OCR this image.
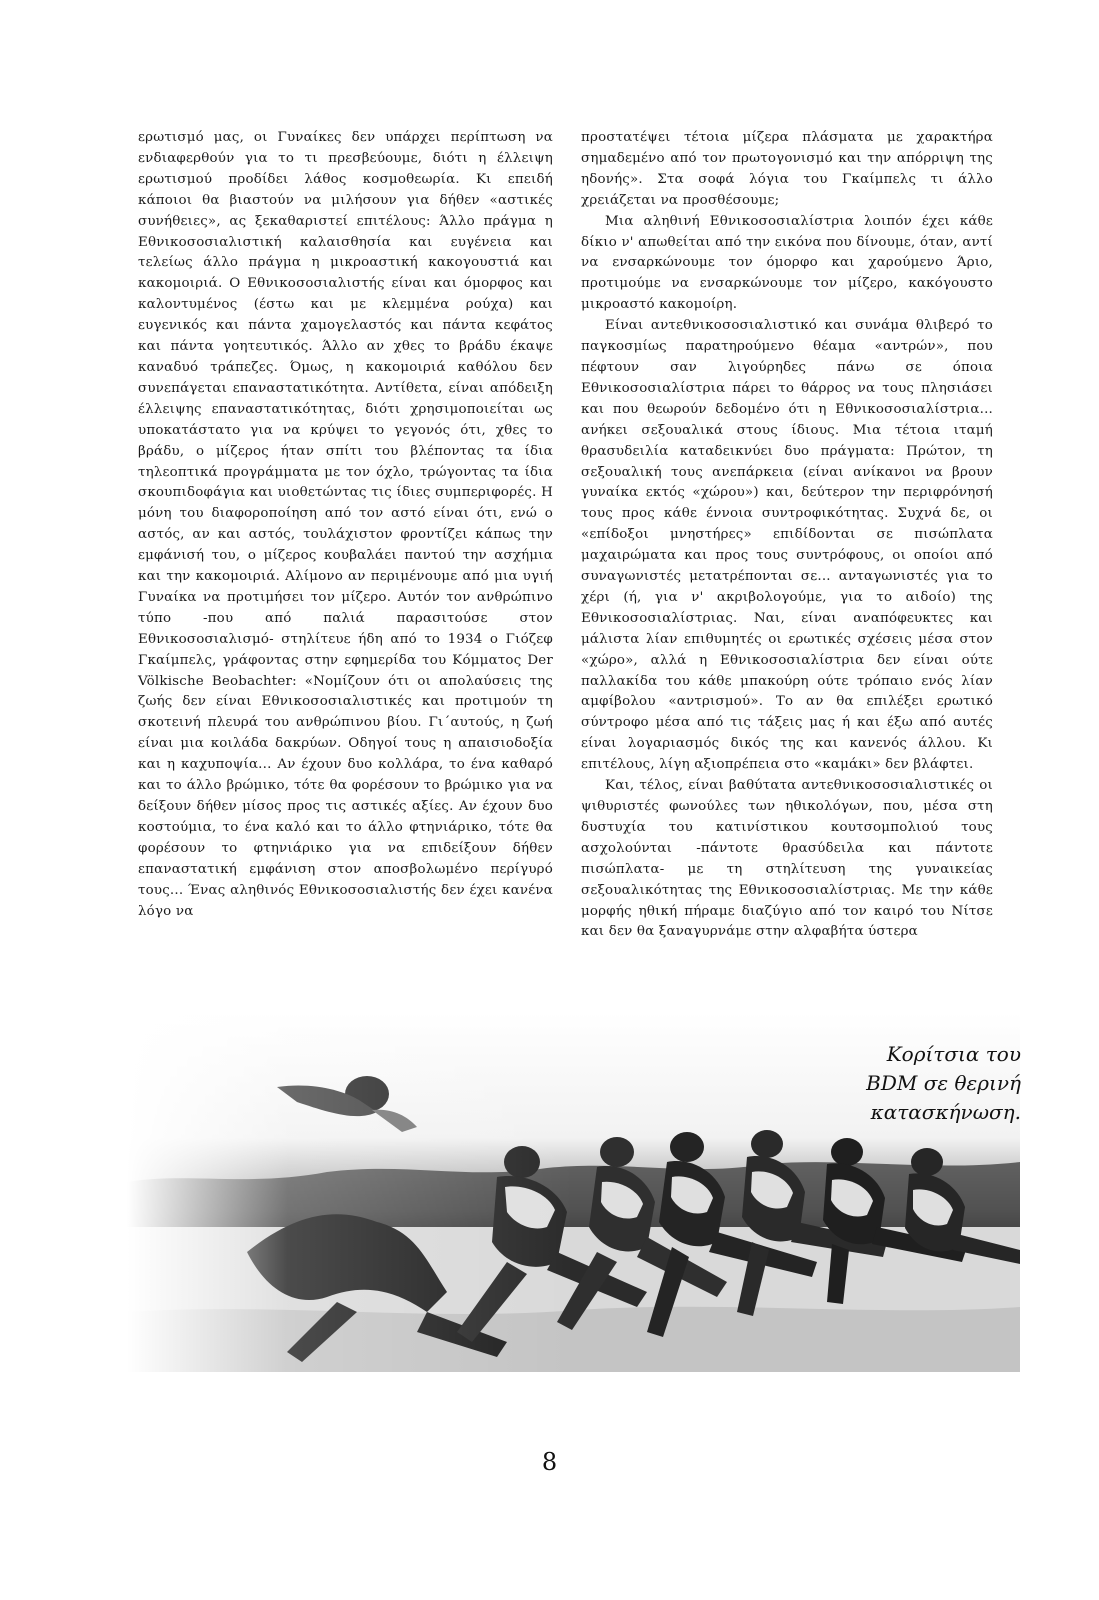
ερωτισμό μας, οι Γυναίκες δεν υπάρχει περίπτωση να ενδιαφερθούν για το τι πρεσβεύουμε, διότι η έλλειψη ερωτισμού προδίδει λάθος κοσμοθεωρία. Κι επειδή κάποιοι θα βιαστούν να μιλήσουν για δήθεν «αστικές συνήθειες», ας ξεκαθαριστεί επιτέλους: Άλλο πράγμα η Εθνικοσοσιαλιστική καλαισθησία και ευγένεια και τελείως άλλο πράγμα η μικροαστική κακογουστιά και κακομοιριά. Ο Εθνικοσοσιαλιστής είναι και όμορφος και καλοντυμένος (έστω και με κλεμμένα ρούχα) και ευγενικός και πάντα χαμογελαστός και πάντα κεφάτος και πάντα γοητευτικός. Άλλο αν χθες το βράδυ έκαψε καναδυό τράπεζες. Όμως, η κακομοιριά καθόλου δεν συνεπάγεται επαναστατικότητα. Αντίθετα, είναι απόδειξη έλλειψης επαναστατικότητας, διότι χρησιμοποιείται ως υποκατάστατο για να κρύψει το γεγονός ότι, χθες το βράδυ, ο μίζερος ήταν σπίτι του βλέποντας τα ίδια τηλεοπτικά προγράμματα με τον όχλο, τρώγοντας τα ίδια σκουπιδοφάγια και υιοθετώντας τις ίδιες συμπεριφορές. Η μόνη του διαφοροποίηση από τον αστό είναι ότι, ενώ ο αστός, αν και αστός, τουλάχιστον φροντίζει κάπως την εμφάνισή του, ο μίζερος κουβαλάει παντού την ασχήμια και την κακομοιριά. Αλίμονο αν περιμένουμε από μια υγιή Γυναίκα να προτιμήσει τον μίζερο. Αυτόν τον ανθρώπινο τύπο -που από παλιά παρασιτούσε στον Εθνικοσοσιαλισμό- στηλίτευε ήδη από το 1934 ο Γιόζεφ Γκαίμπελς, γράφοντας στην εφημερίδα του Κόμματος Der Völkische Beobachter: «Νομίζουν ότι οι απολαύσεις της ζωής δεν είναι Εθνικοσοσιαλιστικές και προτιμούν τη σκοτεινή πλευρά του ανθρώπινου βίου. Γι΄αυτούς, η ζωή είναι μια κοιλάδα δακρύων. Οδηγοί τους η απαισιοδοξία και η καχυποψία... Αν έχουν δυο κολλάρα, το ένα καθαρό και το άλλο βρώμικο, τότε θα φορέσουν το βρώμικο για να δείξουν δήθεν μίσος προς τις αστικές αξίες. Αν έχουν δυο κοστούμια, το ένα καλό και το άλλο φτηνιάρικο, τότε θα φορέσουν το φτηνιάρικο για να επιδείξουν δήθεν επαναστατική εμφάνιση στον αποσβολωμένο περίγυρό τους... Ένας αληθινός Εθνικοσοσιαλιστής δεν έχει κανένα λόγο να

προστατέψει τέτοια μίζερα πλάσματα με χαρακτήρα σημαδεμένο από τον πρωτογονισμό και την απόρριψη της ηδονής». Στα σοφά λόγια του Γκαίμπελς τι άλλο χρειάζεται να προσθέσουμε;

Μια αληθινή Εθνικοσοσιαλίστρια λοιπόν έχει κάθε δίκιο ν' απωθείται από την εικόνα που δίνουμε, όταν, αντί να ενσαρκώνουμε τον όμορφο και χαρούμενο Άριο, προτιμούμε να ενσαρκώνουμε τον μίζερο, κακόγουστο μικροαστό κακομοίρη.

Είναι αντεθνικοσοσιαλιστικό και συνάμα θλιβερό το παγκοσμίως παρατηρούμενο θέαμα «αντρών», που πέφτουν σαν λιγούρηδες πάνω σε όποια Εθνικοσοσιαλίστρια πάρει το θάρρος να τους πλησιάσει και που θεωρούν δεδομένο ότι η Εθνικοσοσιαλίστρια... ανήκει σεξουαλικά στους ίδιους. Μια τέτοια ιταμή θρασυδειλία καταδεικνύει δυο πράγματα: Πρώτον, τη σεξουαλική τους ανεπάρκεια (είναι ανίκανοι να βρουν γυναίκα εκτός «χώρου») και, δεύτερον την περιφρόνησή τους προς κάθε έννοια συντροφικότητας. Συχνά δε, οι «επίδοξοι μνηστήρες» επιδίδονται σε πισώπλατα μαχαιρώματα και προς τους συντρόφους, οι οποίοι από συναγωνιστές μετατρέπονται σε... ανταγωνιστές για το χέρι (ή, για ν' ακριβολογούμε, για το αιδοίο) της Εθνικοσοσιαλίστριας. Ναι, είναι αναπόφευκτες και μάλιστα λίαν επιθυμητές οι ερωτικές σχέσεις μέσα στον «χώρο», αλλά η Εθνικοσοσιαλίστρια δεν είναι ούτε παλλακίδα του κάθε μπακούρη ούτε τρόπαιο ενός λίαν αμφίβολου «αντρισμού». Το αν θα επιλέξει ερωτικό σύντροφο μέσα από τις τάξεις μας ή και έξω από αυτές είναι λογαριασμός δικός της και κανενός άλλου. Κι επιτέλους, λίγη αξιοπρέπεια στο «καμάκι» δεν βλάφτει.

Και, τέλος, είναι βαθύτατα αντεθνικοσοσιαλιστικές οι ψιθυριστές φωνούλες των ηθικολόγων, που, μέσα στη δυστυχία του κατινίστικου κουτσομπολιού τους ασχολούνται -πάντοτε θρασύδειλα και πάντοτε πισώπλατα- με τη στηλίτευση της γυναικείας σεξουαλικότητας της Εθνικοσοσιαλίστριας. Με την κάθε μορφής ηθική πήραμε διαζύγιο από τον καιρό του Νίτσε και δεν θα ξαναγυρνάμε στην αλφαβήτα ύστερα

Κορίτσια του
BDM σε θερινή
κατασκήνωση.
8
